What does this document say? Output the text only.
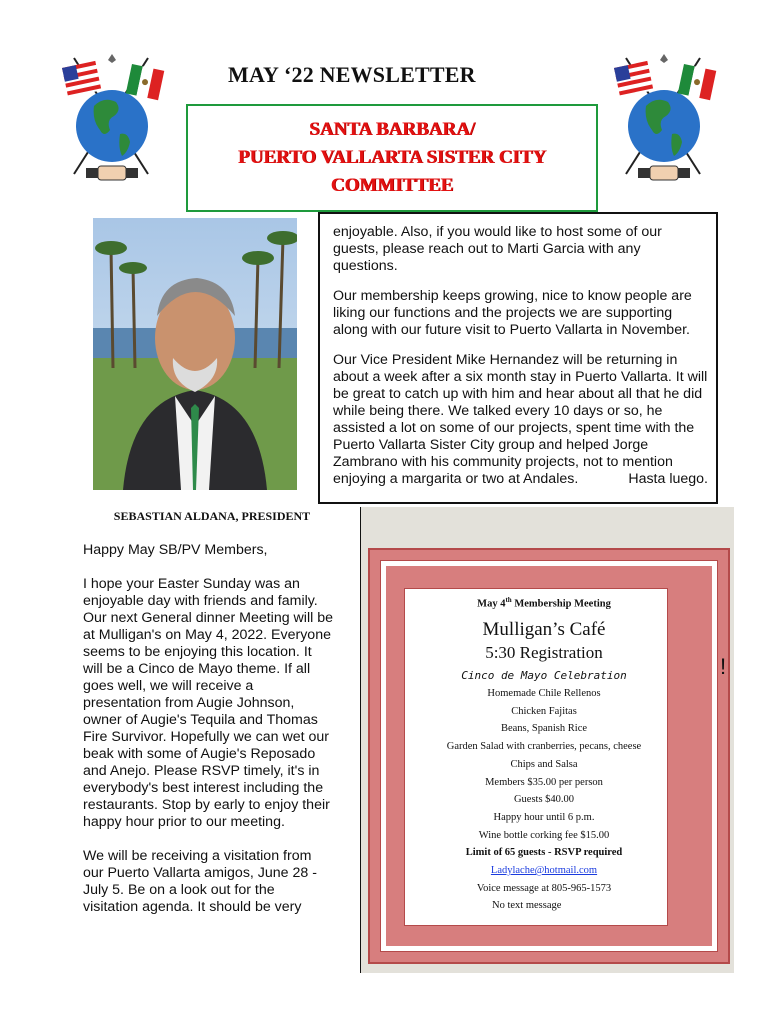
MAY ‘22 NEWSLETTER
SANTA BARBARA/
PUERTO VALLARTA SISTER CITY
COMMITTEE
SEBASTIAN ALDANA, PRESIDENT

enjoyable. Also, if you would like to host some of our guests, please reach out to Marti Garcia with any questions.

Our membership keeps growing, nice to know people are liking our functions and the projects we are supporting along with our future visit to Puerto Vallarta in November.

Our Vice President Mike Hernandez will be returning in about a week after a six month stay in Puerto Vallarta. It will be great to catch up with him and hear about all that he did while being there. We talked every 10 days or so, he assisted a lot on some of our projects, spent time with the Puerto Vallarta Sister City group and helped Jorge Zambrano with his community projects, not to mention

enjoying a margarita or two at Andales.	Hasta luego.

Happy May SB/PV Members,

I hope your Easter Sunday was an enjoyable day with friends and family. Our next General dinner Meeting will be at Mulligan's on May 4, 2022. Everyone seems to be enjoying this location. It will be a Cinco de Mayo theme. If all goes well, we will receive a presentation from Augie Johnson, owner of Augie's Tequila and Thomas Fire Survivor. Hopefully we can wet our beak with some of Augie's Reposado and Anejo. Please RSVP timely, it's in everybody's best interest including the restaurants. Stop by early to enjoy their happy hour prior to our meeting.

We will be receiving a visitation from our Puerto Vallarta amigos, June 28 - July 5. Be on a look out for the visitation agenda. It should be very

May 4th Membership Meeting
Mulligan’s Café
5:30 Registration
Cinco de Mayo Celebration
Homemade Chile Rellenos
Chicken Fajitas
Beans, Spanish Rice
Garden Salad with cranberries, pecans, cheese
Chips and Salsa
Members $35.00 per person
Guests $40.00
Happy hour until 6 p.m.
Wine bottle corking fee $15.00
Limit of 65 guests - RSVP required
Ladylache@hotmail.com
Voice message at 805-965-1573
No text message
!
